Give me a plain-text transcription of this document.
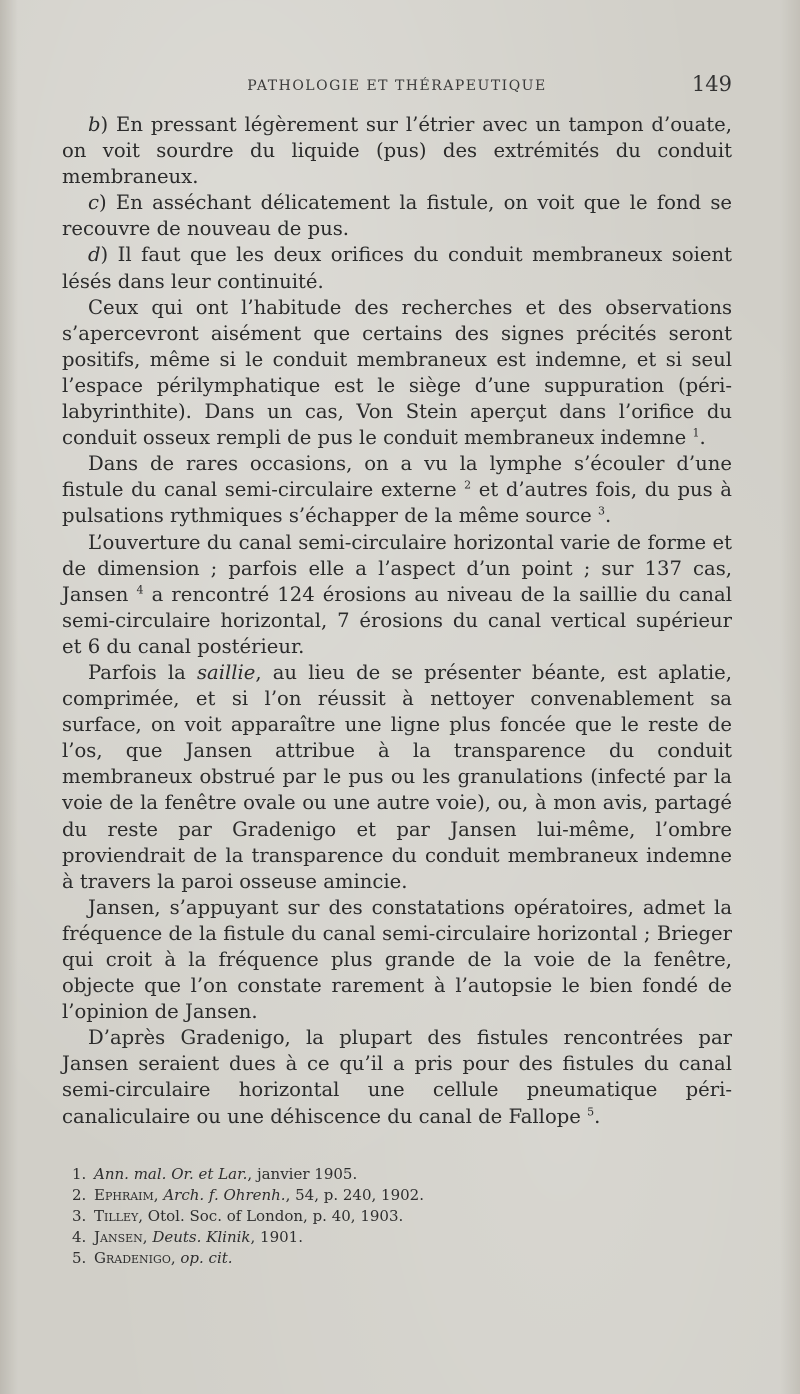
PATHOLOGIE ET THÉRAPEUTIQUE	149

b) En pressant légèrement sur l’étrier avec un tampon d’ouate, on voit sourdre du liquide (pus) des extrémités du conduit membraneux.

c) En asséchant délicatement la fistule, on voit que le fond se recouvre de nouveau de pus.

d) Il faut que les deux orifices du conduit membraneux soient lésés dans leur continuité.

Ceux qui ont l’habitude des recherches et des observations s’apercevront aisément que certains des signes précités seront positifs, même si le conduit membraneux est indemne, et si seul l’espace périlymphatique est le siège d’une suppuration (péri-labyrinthite). Dans un cas, Von Stein aperçut dans l’orifice du conduit osseux rempli de pus le conduit membraneux indemne $^1$.

Dans de rares occasions, on a vu la lymphe s’écouler d’une fistule du canal semi-circulaire externe $^2$ et d’autres fois, du pus à pulsations rythmiques s’échapper de la même source $^3$.

L’ouverture du canal semi-circulaire horizontal varie de forme et de dimension ; parfois elle a l’aspect d’un point ; sur 137 cas, Jansen $^4$ a rencontré 124 érosions au niveau de la saillie du canal semi-circulaire horizontal, 7 érosions du canal vertical supérieur et 6 du canal postérieur.

Parfois la saillie, au lieu de se présenter béante, est aplatie, comprimée, et si l’on réussit à nettoyer convenablement sa surface, on voit apparaître une ligne plus foncée que le reste de l’os, que Jansen attribue à la transparence du conduit membraneux obstrué par le pus ou les granulations (infecté par la voie de la fenêtre ovale ou une autre voie), ou, à mon avis, partagé du reste par Gradenigo et par Jansen lui-même, l’ombre proviendrait de la transparence du conduit membraneux indemne à travers la paroi osseuse amincie.

Jansen, s’appuyant sur des constatations opératoires, admet la fréquence de la fistule du canal semi-circulaire horizontal ; Brieger qui croit à la fréquence plus grande de la voie de la fenêtre, objecte que l’on constate rarement à l’autopsie le bien fondé de l’opinion de Jansen.

D’après Gradenigo, la plupart des fistules rencontrées par Jansen seraient dues à ce qu’il a pris pour des fistules du canal semi-circulaire horizontal une cellule pneumatique péri-canaliculaire ou une déhiscence du canal de Fallope $^5$.

1. Ann. mal. Or. et Lar., janvier 1905.
2. Ephraim, Arch. f. Ohrenh., 54, p. 240, 1902.
3. Tilley, Otol. Soc. of London, p. 40, 1903.
4. Jansen, Deuts. Klinik, 1901.
5. Gradenigo, op. cit.
